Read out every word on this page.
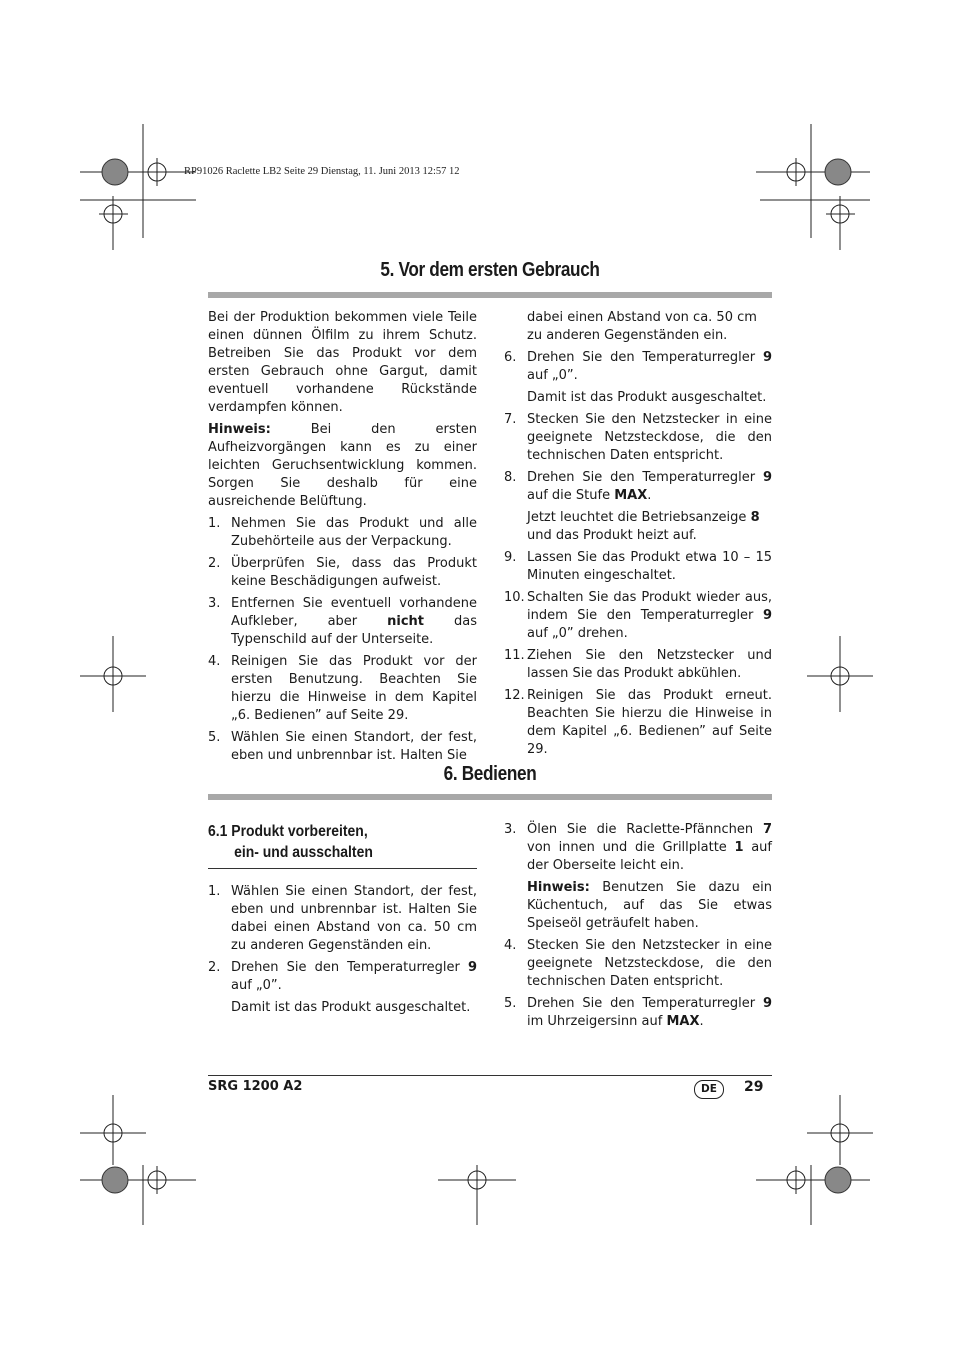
RP91026 Raclette LB2 Seite 29 Dienstag, 11. Juni 2013 12:57 12
5. Vor dem ersten Gebrauch

Bei der Produktion bekommen viele Teile einen dünnen Ölfilm zu ihrem Schutz. Betreiben Sie das Produkt vor dem ersten Gebrauch ohne Gargut, damit eventuell vorhandene Rückstände verdampfen können.

Hinweis: Bei den ersten Aufheizvorgängen kann es zu einer leichten Geruchsentwicklung kommen. Sorgen Sie deshalb für eine ausreichende Belüftung.

1. Nehmen Sie das Produkt und alle Zubehörteile aus der Verpackung.
2. Überprüfen Sie, dass das Produkt keine Beschädigungen aufweist.
3. Entfernen Sie eventuell vorhandene Aufkleber, aber nicht das Typenschild auf der Unterseite.
4. Reinigen Sie das Produkt vor der ersten Benutzung. Beachten Sie hierzu die Hinweise in dem Kapitel „6. Bedienen” auf Seite 29.
5. Wählen Sie einen Standort, der fest, eben und unbrennbar ist. Halten Sie
dabei einen Abstand von ca. 50 cm zu anderen Gegenständen ein.
6. Drehen Sie den Temperaturregler 9 auf „0”.
Damit ist das Produkt ausgeschaltet.
7. Stecken Sie den Netzstecker in eine geeignete Netzsteckdose, die den technischen Daten entspricht.
8. Drehen Sie den Temperaturregler 9 auf die Stufe MAX.
Jetzt leuchtet die Betriebsanzeige 8 und das Produkt heizt auf.
9. Lassen Sie das Produkt etwa 10 – 15 Minuten eingeschaltet.
10. Schalten Sie das Produkt wieder aus, indem Sie den Temperaturregler 9 auf „0” drehen.
11. Ziehen Sie den Netzstecker und lassen Sie das Produkt abkühlen.
12. Reinigen Sie das Produkt erneut. Beachten Sie hierzu die Hinweise in dem Kapitel „6. Bedienen” auf Seite 29.
6. Bedienen
6.1 Produkt vorbereiten,
ein- und ausschalten
1. Wählen Sie einen Standort, der fest, eben und unbrennbar ist. Halten Sie dabei einen Abstand von ca. 50 cm zu anderen Gegenständen ein.
2. Drehen Sie den Temperaturregler 9 auf „0”.
Damit ist das Produkt ausgeschaltet.
3. Ölen Sie die Raclette-Pfännchen 7 von innen und die Grillplatte 1 auf der Oberseite leicht ein.
Hinweis: Benutzen Sie dazu ein Küchentuch, auf das Sie etwas Speiseöl geträufelt haben.
4. Stecken Sie den Netzstecker in eine geeignete Netzsteckdose, die den technischen Daten entspricht.
5. Drehen Sie den Temperaturregler 9 im Uhrzeigersinn auf MAX.
SRG 1200 A2	DE	29
